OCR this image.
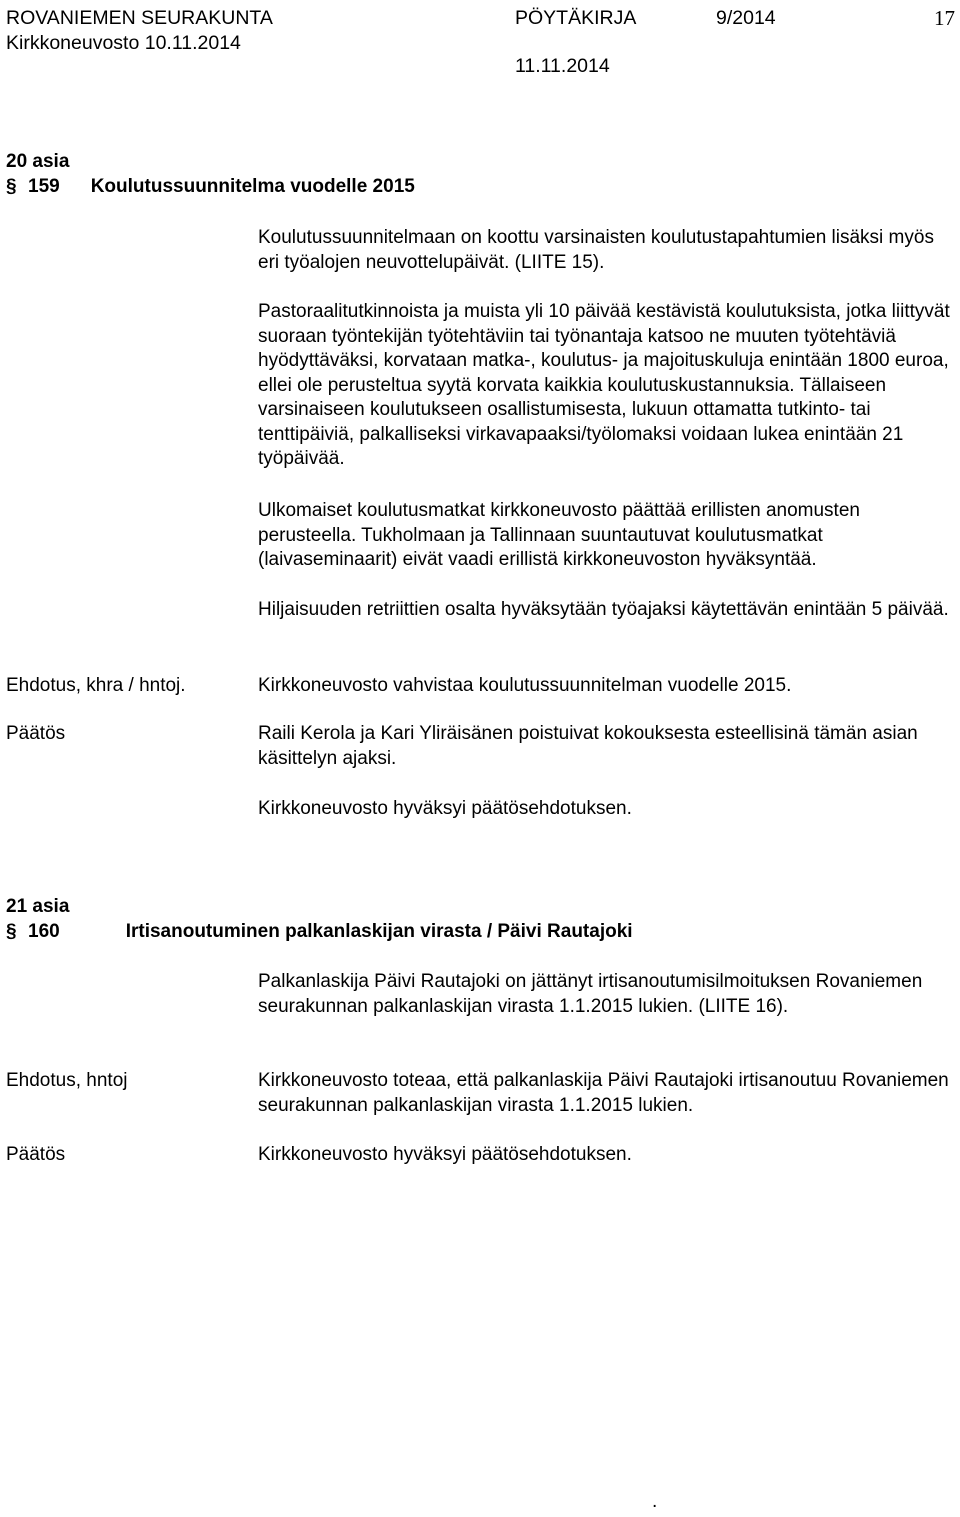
ROVANIEMEN SEURAKUNTA	PÖYTÄKIRJA	9/2014	17
Kirkkoneuvosto 10.11.2014
11.11.2014
20 asia
§ 159 Koulutussuunnitelma vuodelle 2015

Koulutussuunnitelmaan on koottu varsinaisten koulutustapahtumien lisäksi myös eri työalojen neuvottelupäivät. (LIITE 15).

Pastoraalitutkinnoista ja muista yli 10 päivää kestävistä koulutuksista, jotka liittyvät suoraan työntekijän työtehtäviin tai työnantaja katsoo ne muuten työtehtäviä hyödyttäväksi, korvataan matka-, koulutus- ja majoituskuluja enintään 1800 euroa, ellei ole perusteltua syytä korvata kaikkia koulutuskustannuksia. Tällaiseen varsinaiseen koulutukseen osallistumisesta, lukuun ottamatta tutkinto- tai tenttipäiviä, palkalliseksi virkavapaaksi/työlomaksi voidaan lukea enintään 21 työpäivää.

Ulkomaiset koulutusmatkat kirkkoneuvosto päättää erillisten anomusten perusteella. Tukholmaan ja Tallinnaan suuntautuvat koulutusmatkat (laivaseminaarit) eivät vaadi erillistä kirkkoneuvoston hyväksyntää.

Hiljaisuuden retriittien osalta hyväksytään työajaksi käytettävän enintään 5 päivää.

Ehdotus, khra / hntoj.	Kirkkoneuvosto vahvistaa koulutussuunnitelman vuodelle 2015.
Päätös	Raili Kerola ja Kari Yliräisänen poistuivat kokouksesta esteellisinä tämän asian käsittelyn ajaksi.
Kirkkoneuvosto hyväksyi päätösehdotuksen.
21 asia
§ 160	Irtisanoutuminen palkanlaskijan virasta / Päivi Rautajoki

Palkanlaskija Päivi Rautajoki on jättänyt irtisanoutumisilmoituksen Rovaniemen seurakunnan palkanlaskijan virasta 1.1.2015 lukien. (LIITE 16).

Ehdotus, hntoj	Kirkkoneuvosto toteaa, että palkanlaskija Päivi Rautajoki irtisanoutuu Rovaniemen seurakunnan palkanlaskijan virasta 1.1.2015 lukien.
Päätös	Kirkkoneuvosto hyväksyi päätösehdotuksen.
.
